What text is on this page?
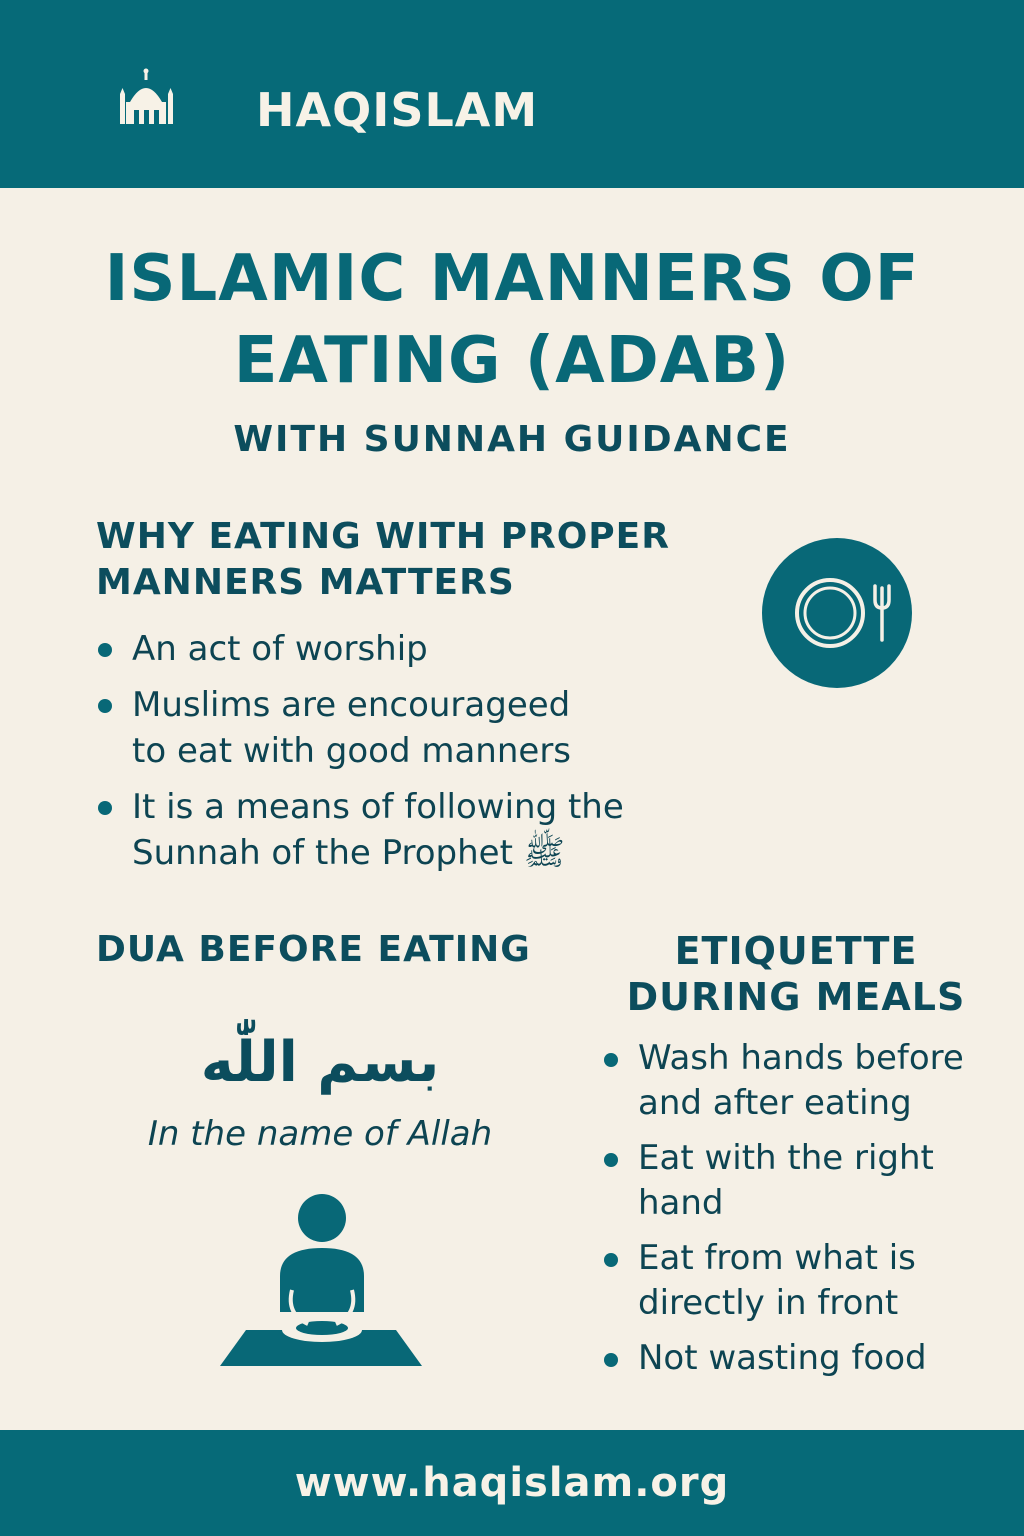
HAQISLAM
ISLAMIC MANNERS OF
EATING (ADAB)
WITH SUNNAH GUIDANCE
WHY EATING WITH PROPER
MANNERS MATTERS
An act of worship
Muslims are encourageed
to eat with good manners
It is a means of following the
Sunnah of the Prophet ﷺ
DUA BEFORE EATING
بسم اللّٰه
In the name of Allah
ETIQUETTE
DURING MEALS
Wash hands before
and after eating
Eat with the right
hand
Eat from what is
directly in front
Not wasting food
www.haqislam.org
